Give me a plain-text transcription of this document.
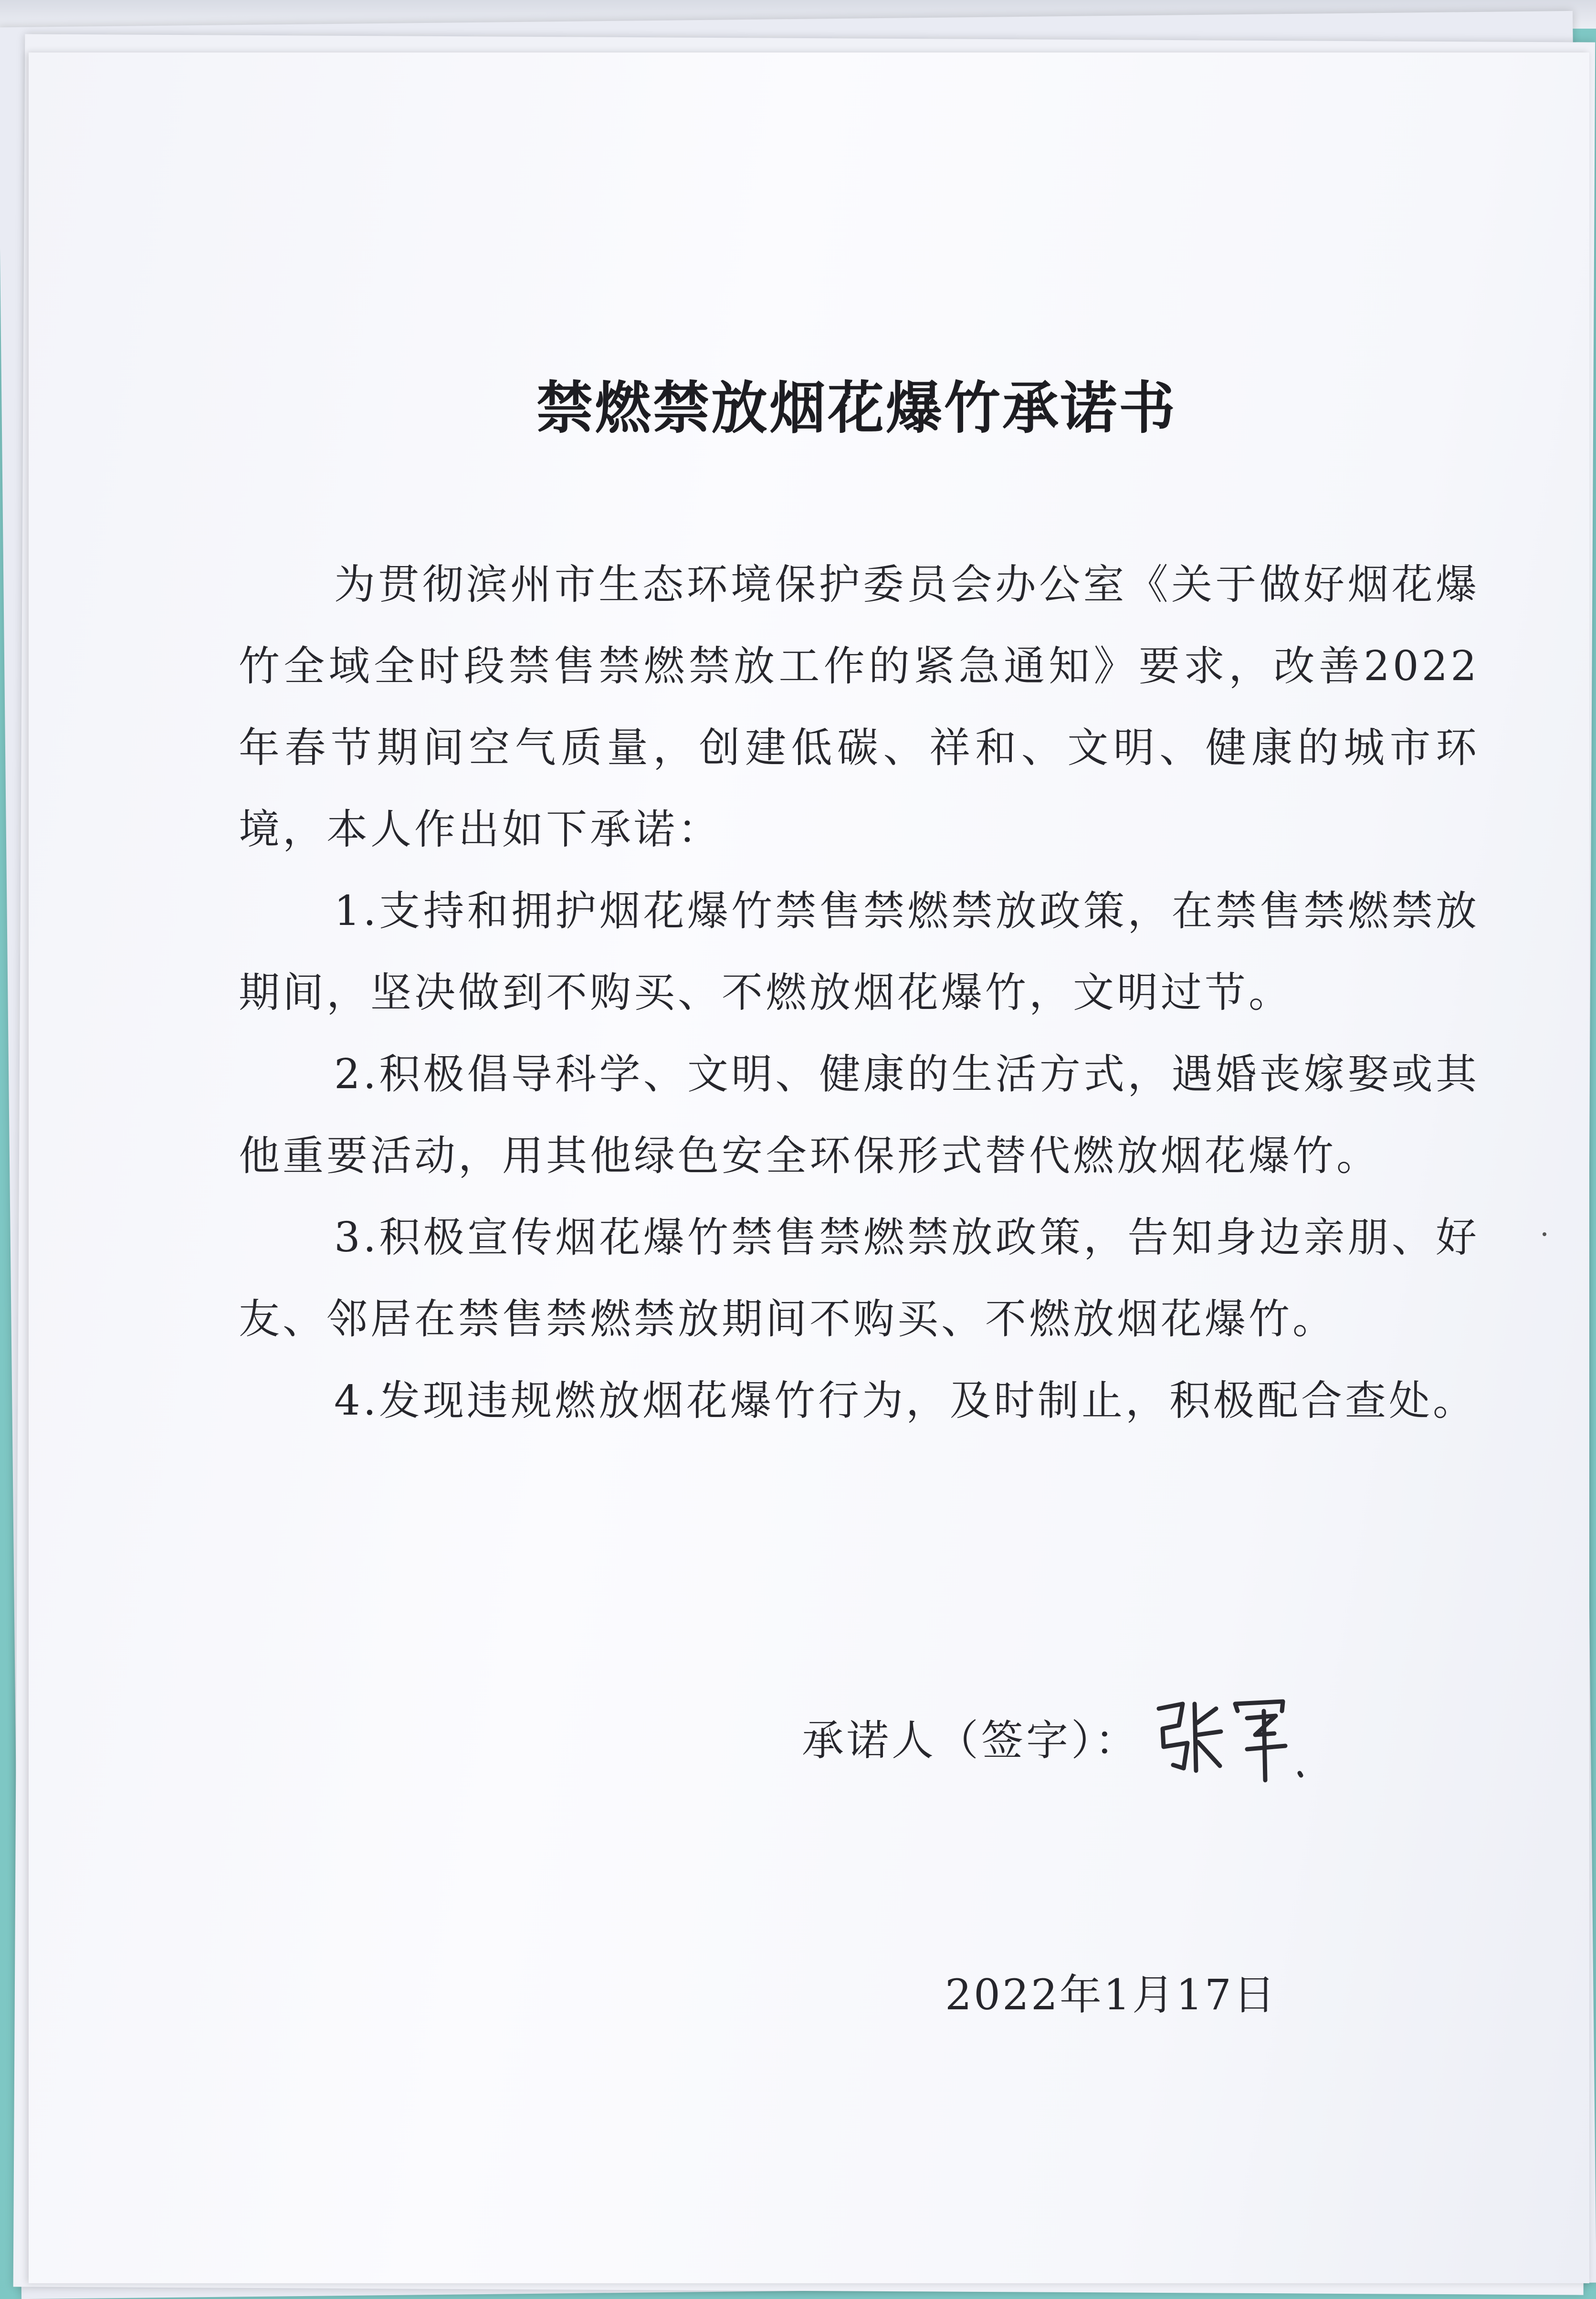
禁燃禁放烟花爆竹承诺书

为贯彻滨州市生态环境保护委员会办公室《关于做好烟花爆竹全域全时段禁售禁燃禁放工作的紧急通知》要求，改善2022年春节期间空气质量，创建低碳、祥和、文明、健康的城市环境，本人作出如下承诺：

1.支持和拥护烟花爆竹禁售禁燃禁放政策，在禁售禁燃禁放期间，坚决做到不购买、不燃放烟花爆竹，文明过节。

2.积极倡导科学、文明、健康的生活方式，遇婚丧嫁娶或其他重要活动，用其他绿色安全环保形式替代燃放烟花爆竹。

3.积极宣传烟花爆竹禁售禁燃禁放政策，告知身边亲朋、好友、邻居在禁售禁燃禁放期间不购买、不燃放烟花爆竹。

4.发现违规燃放烟花爆竹行为，及时制止，积极配合查处。

承诺人（签字）：
2022年1月17日
